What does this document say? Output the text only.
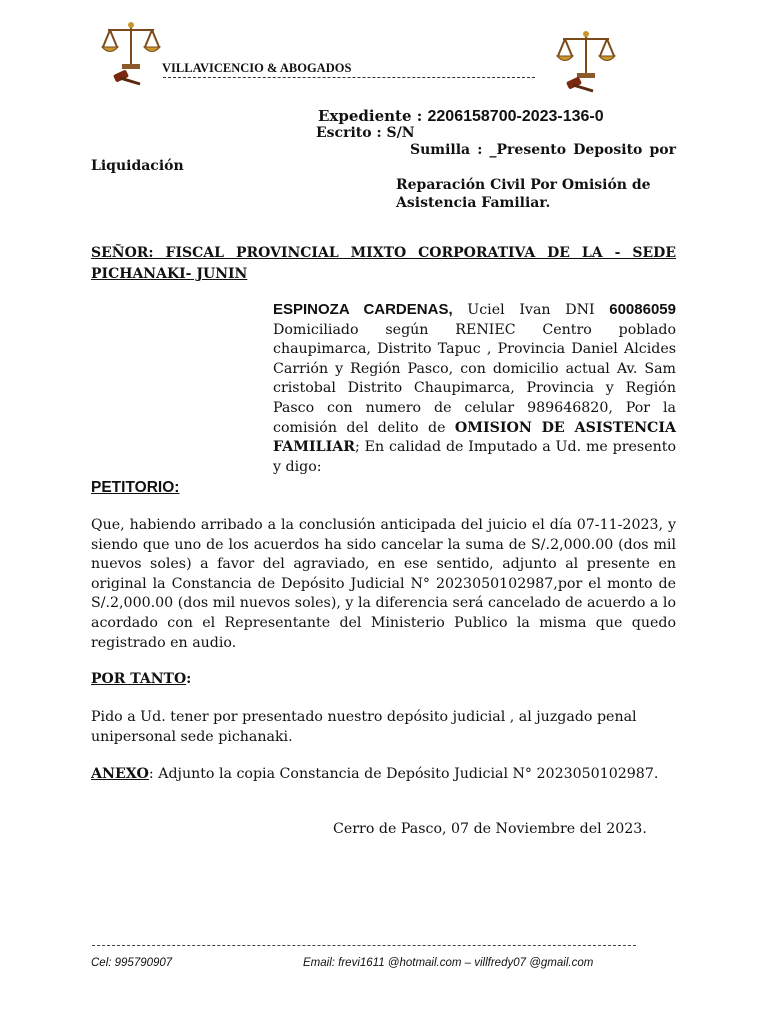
VILLAVICENCIO & ABOGADOS
Expediente : 2206158700-2023-136-0
Escrito : S/N
Sumilla : _Presento Deposito por
Liquidación
Reparación Civil Por Omisión de Asistencia Familiar.
SEÑOR: FISCAL PROVINCIAL MIXTO CORPORATIVA DE LA - SEDE PICHANAKI- JUNIN
ESPINOZA CARDENAS, Uciel Ivan DNI 60086059 Domiciliado según RENIEC Centro poblado chaupimarca, Distrito Tapuc , Provincia Daniel Alcides Carrión y Región Pasco, con domicilio actual Av. Sam cristobal Distrito Chaupimarca, Provincia y Región Pasco con numero de celular 989646820, Por la comisión del delito de OMISION DE ASISTENCIA FAMILIAR; En calidad de Imputado a Ud. me presento y digo:
PETITORIO:
Que, habiendo arribado a la conclusión anticipada del juicio el día 07-11-2023, y siendo que uno de los acuerdos ha sido cancelar la suma de S/.2,000.00 (dos mil nuevos soles) a favor del agraviado, en ese sentido, adjunto al presente en original la Constancia de Depósito Judicial N° 2023050102987,por el monto de S/.2,000.00 (dos mil nuevos soles), y la diferencia será cancelado de acuerdo a lo acordado con el Representante del Ministerio Publico la misma que quedo registrado en audio.
POR TANTO:
Pido a Ud. tener por presentado nuestro depósito judicial , al juzgado penal unipersonal sede pichanaki.
ANEXO: Adjunto la copia Constancia de Depósito Judicial N° 2023050102987.
Cerro de Pasco, 07 de Noviembre del 2023.
Cel: 995790907	Email: frevi1611 @hotmail.com – villfredy07 @gmail.com
